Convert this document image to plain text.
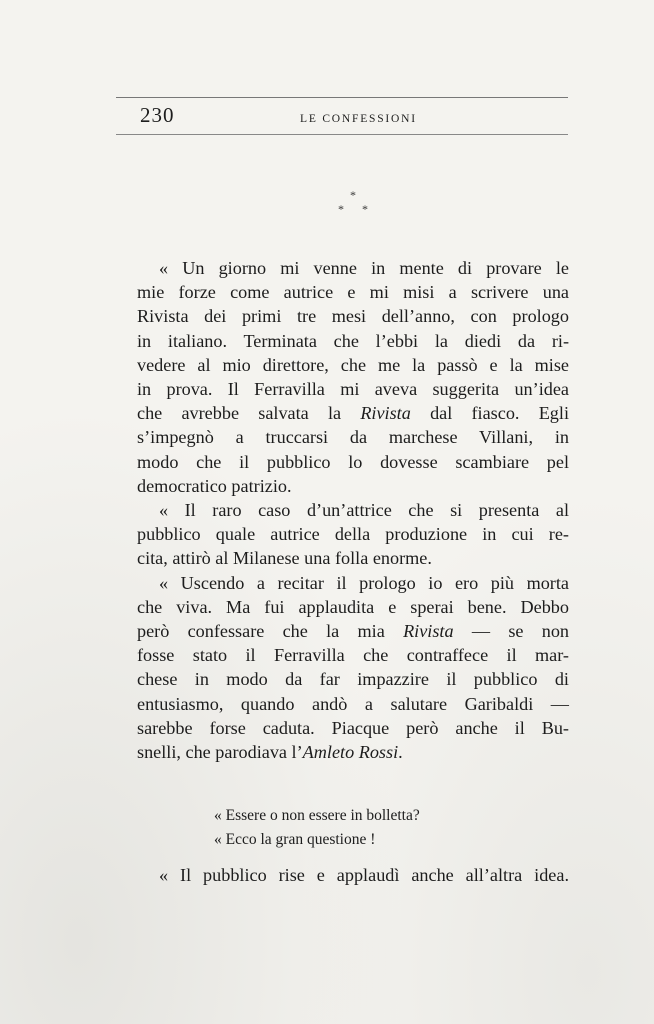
230	LE CONFESSIONI
*
* *
« Un giorno mi venne in mente di provare le
mie forze come autrice e mi misi a scrivere una
Rivista dei primi tre mesi dell’anno, con prologo
in italiano. Terminata che l’ebbi la diedi da ri-
vedere al mio direttore, che me la passò e la mise
in prova. Il Ferravilla mi aveva suggerita un’idea
che avrebbe salvata la Rivista dal fiasco. Egli
s’impegnò a truccarsi da marchese Villani, in
modo che il pubblico lo dovesse scambiare pel
democratico patrizio.
« Il raro caso d’un’attrice che si presenta al
pubblico quale autrice della produzione in cui re-
cita, attirò al Milanese una folla enorme.
« Uscendo a recitar il prologo io ero più morta
che viva. Ma fui applaudita e sperai bene. Debbo
però confessare che la mia Rivista — se non
fosse stato il Ferravilla che contraffece il mar-
chese in modo da far impazzire il pubblico di
entusiasmo, quando andò a salutare Garibaldi —
sarebbe forse caduta. Piacque però anche il Bu-
snelli, che parodiava l’Amleto Rossi.
« Essere o non essere in bolletta?
« Ecco la gran questione !
« Il pubblico rise e applaudì anche all’altra idea.
